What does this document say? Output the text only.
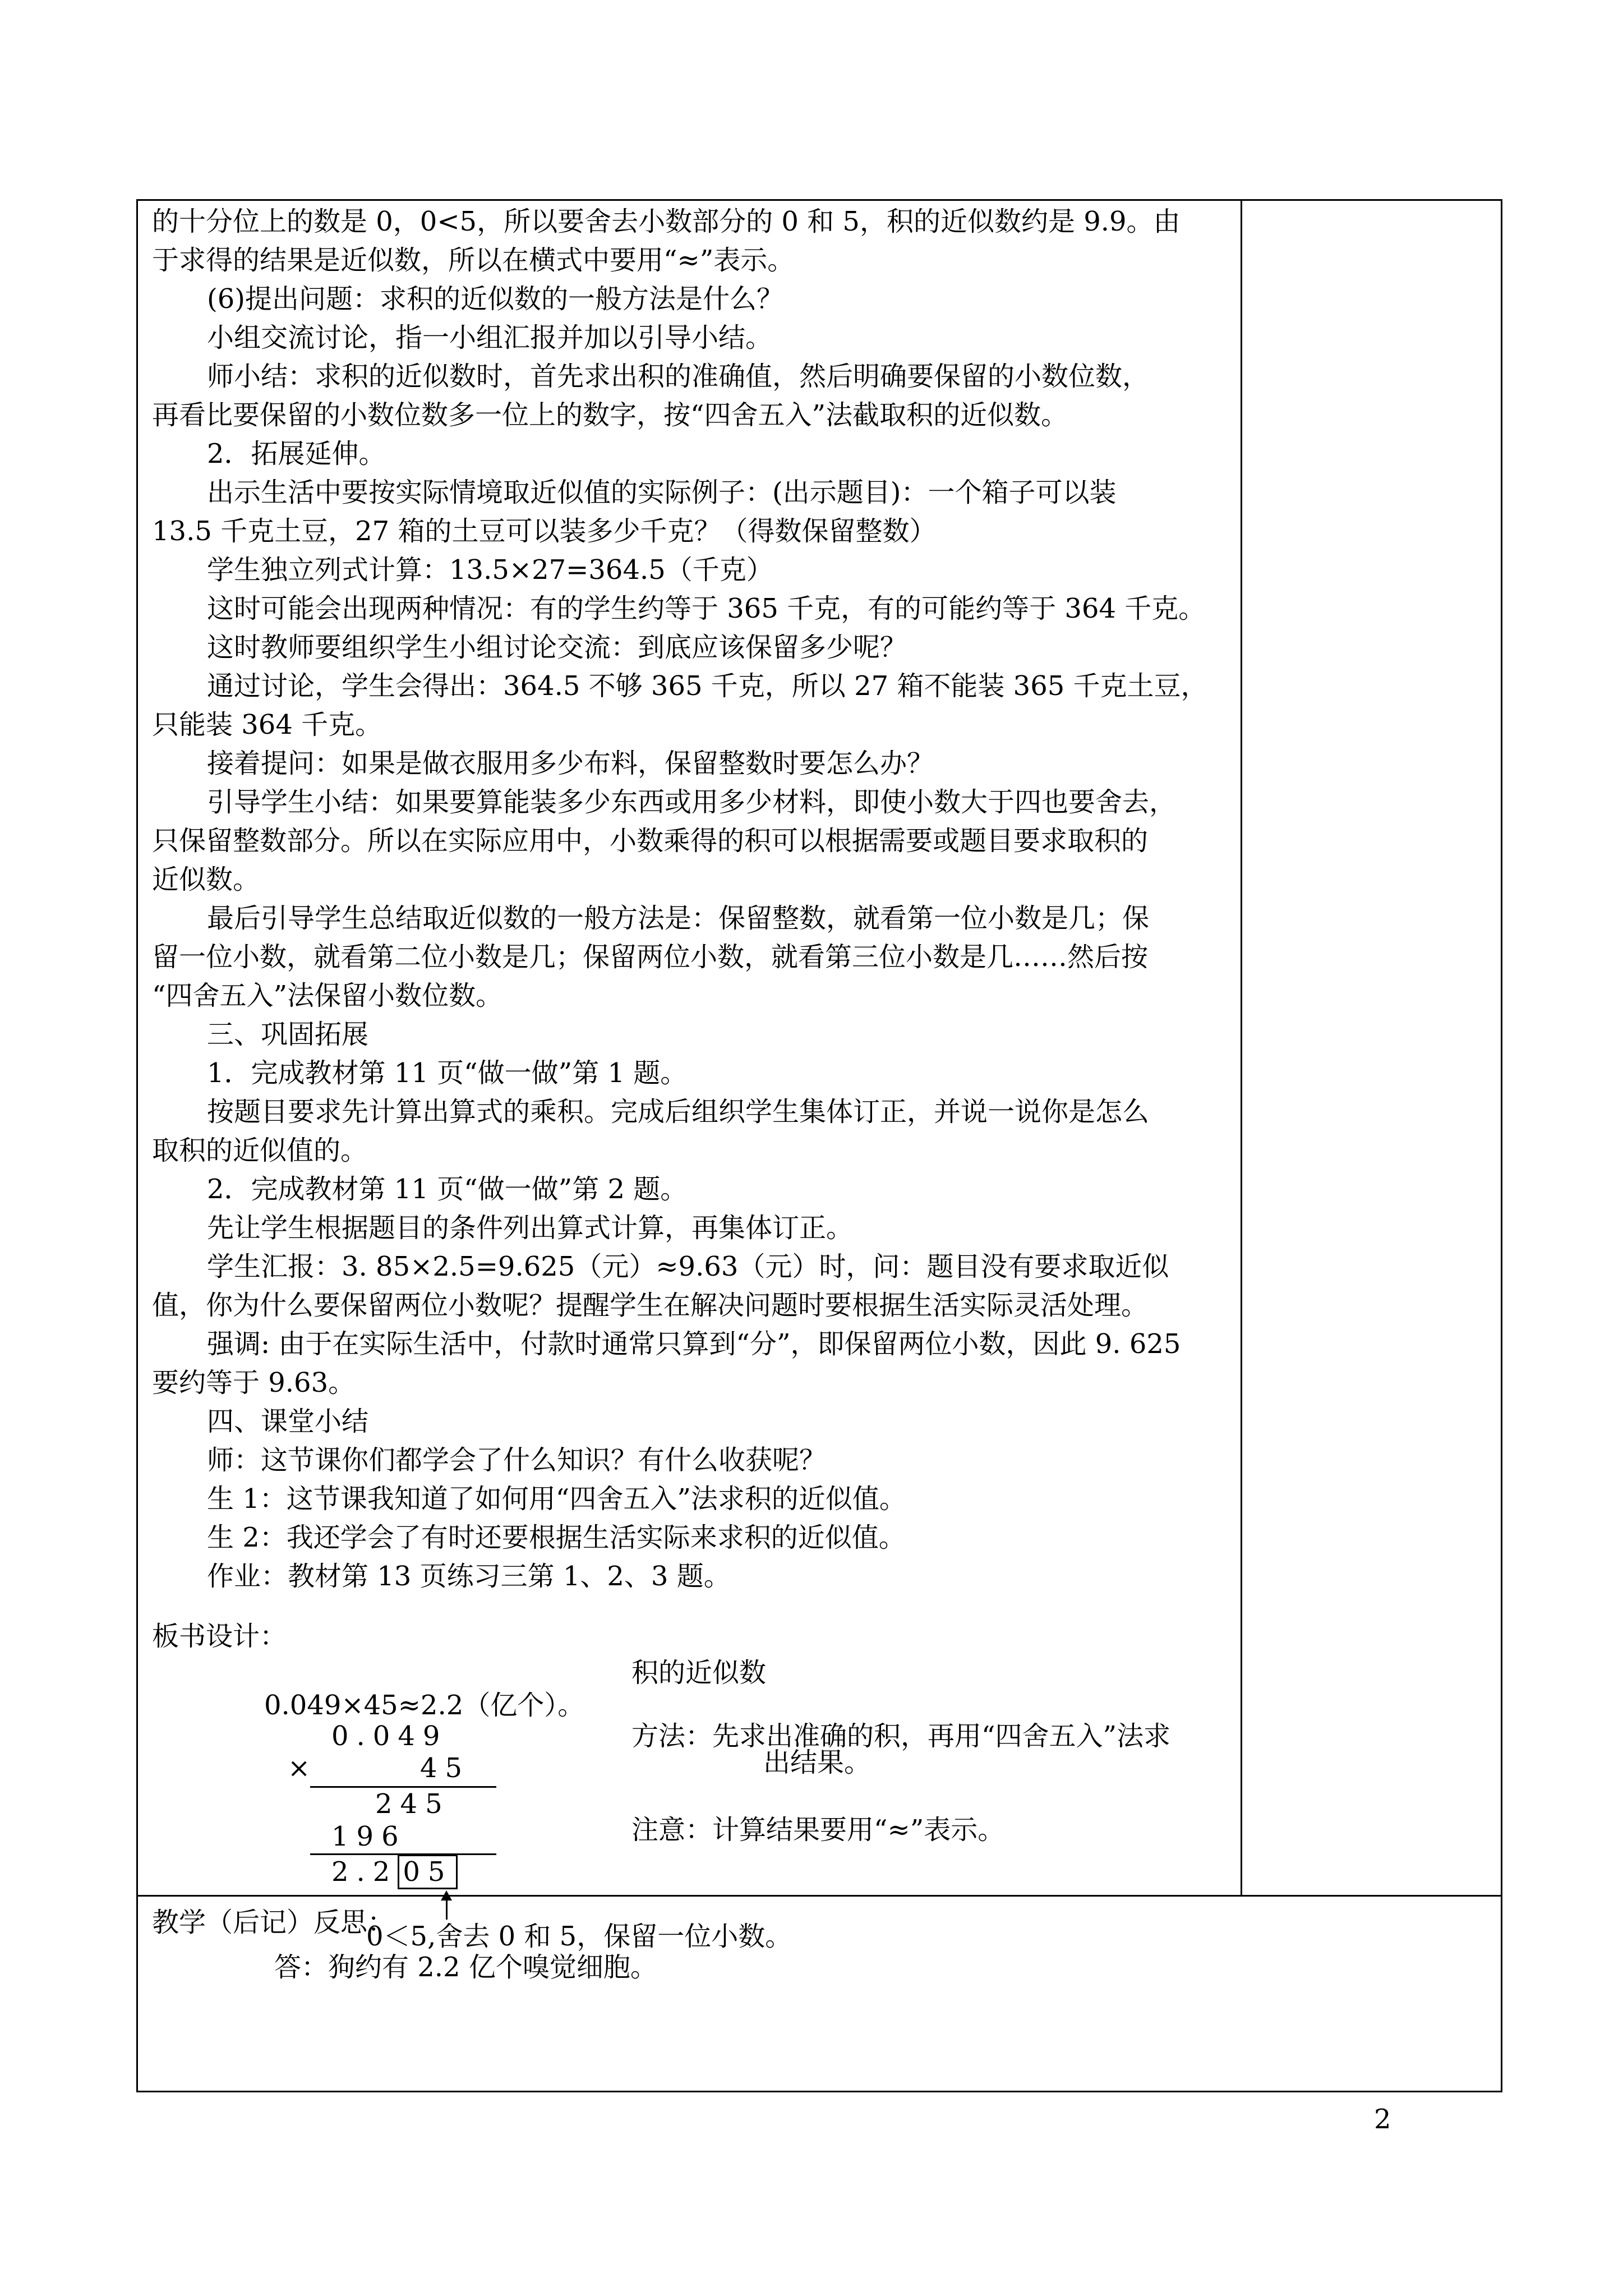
的十分位上的数是 0，0<5，所以要舍去小数部分的 0 和 5，积的近似数约是 9.9。由
于求得的结果是近似数，所以在横式中要用“≈”表示。
(6)提出问题：求积的近似数的一般方法是什么？
小组交流讨论，指一小组汇报并加以引导小结。
师小结：求积的近似数时，首先求出积的准确值，然后明确要保留的小数位数，
再看比要保留的小数位数多一位上的数字，按“四舍五入”法截取积的近似数。
2．拓展延伸。
出示生活中要按实际情境取近似值的实际例子：(出示题目)：一个箱子可以装
13.5 千克土豆，27 箱的土豆可以装多少千克？（得数保留整数）
学生独立列式计算：13.5×27=364.5（千克）
这时可能会出现两种情况：有的学生约等于 365 千克，有的可能约等于 364 千克。
这时教师要组织学生小组讨论交流：到底应该保留多少呢？
通过讨论，学生会得出：364.5 不够 365 千克，所以 27 箱不能装 365 千克土豆，
只能装 364 千克。
接着提问：如果是做衣服用多少布料，保留整数时要怎么办？
引导学生小结：如果要算能装多少东西或用多少材料，即使小数大于四也要舍去，
只保留整数部分。所以在实际应用中，小数乘得的积可以根据需要或题目要求取积的
近似数。
最后引导学生总结取近似数的一般方法是：保留整数，就看第一位小数是几；保
留一位小数，就看第二位小数是几；保留两位小数，就看第三位小数是几……然后按
“四舍五入”法保留小数位数。
三、巩固拓展
1．完成教材第 11 页“做一做”第 1 题。
按题目要求先计算出算式的乘积。完成后组织学生集体订正，并说一说你是怎么
取积的近似值的。
2．完成教材第 11 页“做一做”第 2 题。
先让学生根据题目的条件列出算式计算，再集体订正。
学生汇报：3. 85×2.5=9.625（元）≈9.63（元）时，问：题目没有要求取近似
值，你为什么要保留两位小数呢？提醒学生在解决问题时要根据生活实际灵活处理。
强调: 由于在实际生活中，付款时通常只算到“分”，即保留两位小数，因此 9. 625
要约等于 9.63。
四、课堂小结
师：这节课你们都学会了什么知识？有什么收获呢？
生 1：这节课我知道了如何用“四舍五入”法求积的近似值。
生 2：我还学会了有时还要根据生活实际来求积的近似值。
作业：教材第 13 页练习三第 1、2、3 题。
板书设计：
积的近似数
0.049×45≈2.2（亿个）。
0.049
×	45
245
196
2.2 05
0＜5,舍去 0 和 5，保留一位小数。
答：狗约有 2.2 亿个嗅觉细胞。
方法：先求出准确的积，再用“四舍五入”法求
出结果。
注意：计算结果要用“≈”表示。
教学（后记）反思：
2
